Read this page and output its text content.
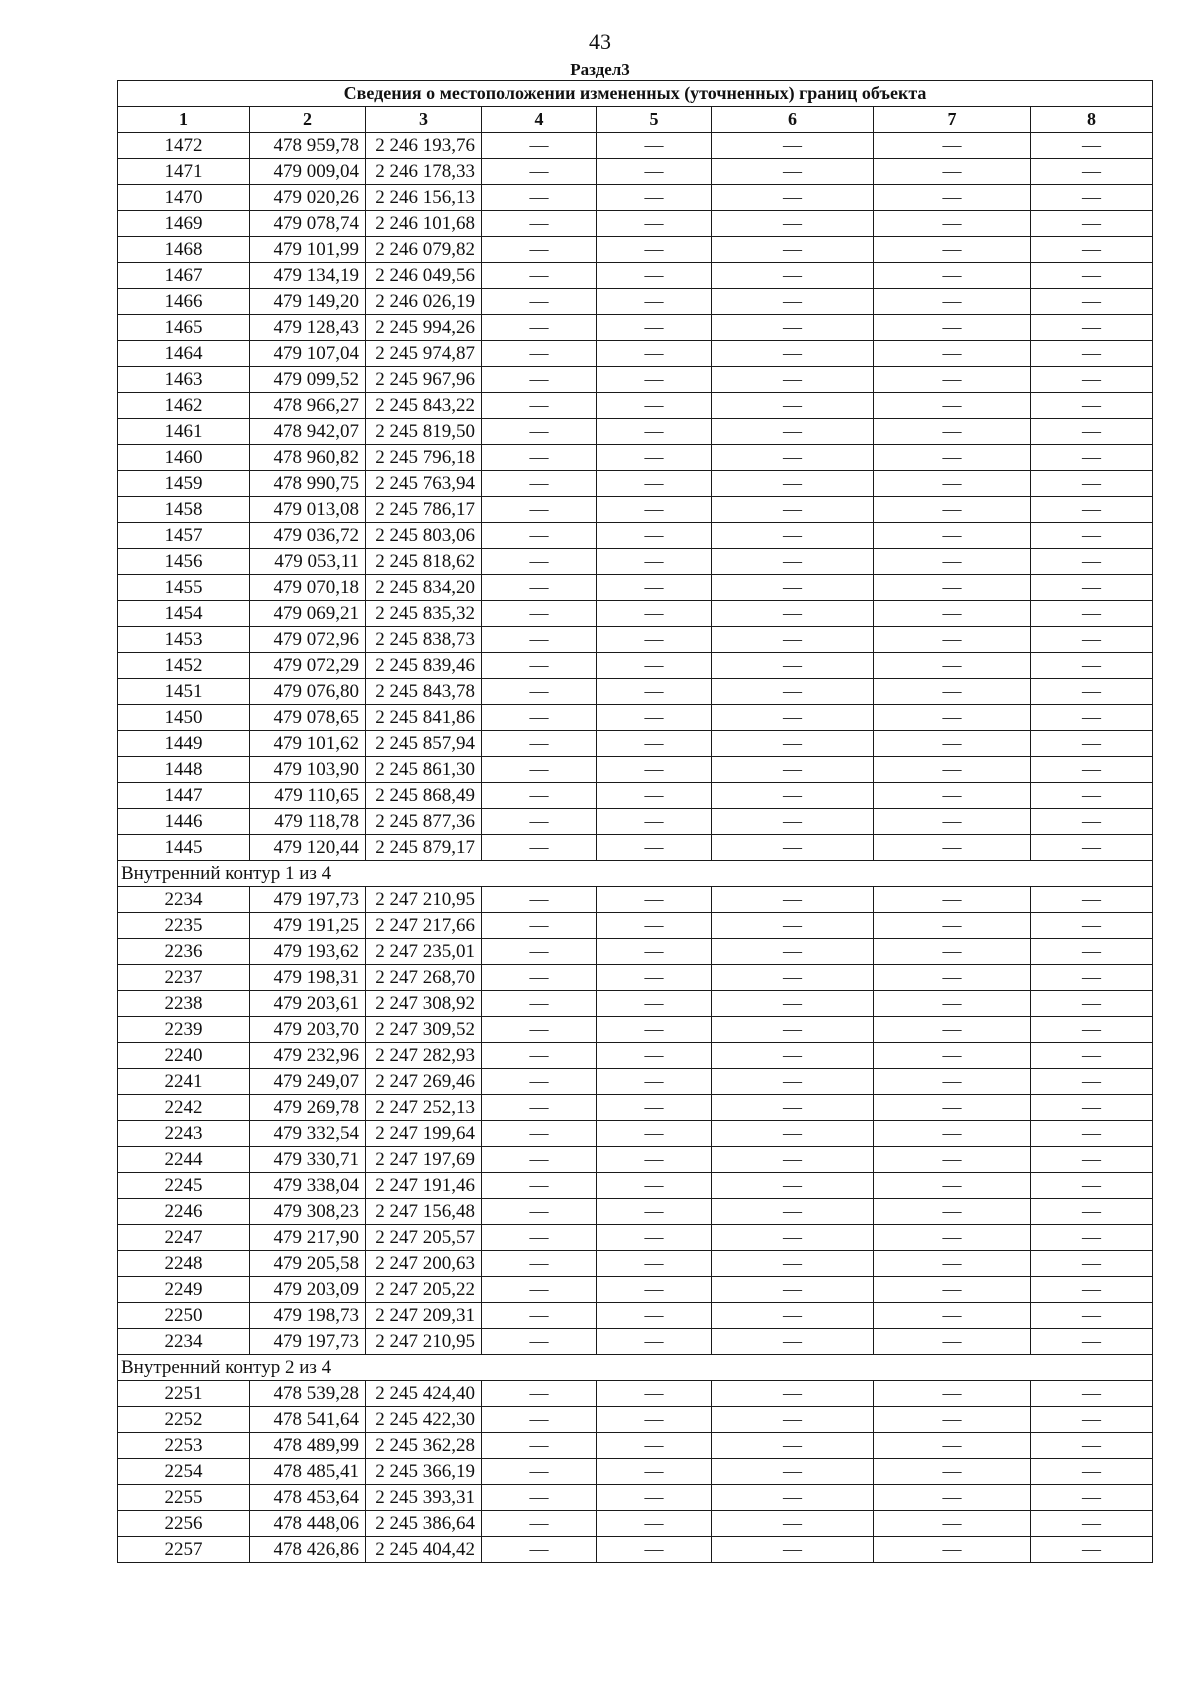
43
Раздел3
Сведения о местоположении измененных (уточненных) границ объекта							
1	2	3	4	5	6	7	8
1472	478 959,78	2 246 193,76	—	—	—	—	—
1471	479 009,04	2 246 178,33	—	—	—	—	—
1470	479 020,26	2 246 156,13	—	—	—	—	—
1469	479 078,74	2 246 101,68	—	—	—	—	—
1468	479 101,99	2 246 079,82	—	—	—	—	—
1467	479 134,19	2 246 049,56	—	—	—	—	—
1466	479 149,20	2 246 026,19	—	—	—	—	—
1465	479 128,43	2 245 994,26	—	—	—	—	—
1464	479 107,04	2 245 974,87	—	—	—	—	—
1463	479 099,52	2 245 967,96	—	—	—	—	—
1462	478 966,27	2 245 843,22	—	—	—	—	—
1461	478 942,07	2 245 819,50	—	—	—	—	—
1460	478 960,82	2 245 796,18	—	—	—	—	—
1459	478 990,75	2 245 763,94	—	—	—	—	—
1458	479 013,08	2 245 786,17	—	—	—	—	—
1457	479 036,72	2 245 803,06	—	—	—	—	—
1456	479 053,11	2 245 818,62	—	—	—	—	—
1455	479 070,18	2 245 834,20	—	—	—	—	—
1454	479 069,21	2 245 835,32	—	—	—	—	—
1453	479 072,96	2 245 838,73	—	—	—	—	—
1452	479 072,29	2 245 839,46	—	—	—	—	—
1451	479 076,80	2 245 843,78	—	—	—	—	—
1450	479 078,65	2 245 841,86	—	—	—	—	—
1449	479 101,62	2 245 857,94	—	—	—	—	—
1448	479 103,90	2 245 861,30	—	—	—	—	—
1447	479 110,65	2 245 868,49	—	—	—	—	—
1446	479 118,78	2 245 877,36	—	—	—	—	—
1445	479 120,44	2 245 879,17	—	—	—	—	—
Внутренний контур 1 из 4							
2234	479 197,73	2 247 210,95	—	—	—	—	—
2235	479 191,25	2 247 217,66	—	—	—	—	—
2236	479 193,62	2 247 235,01	—	—	—	—	—
2237	479 198,31	2 247 268,70	—	—	—	—	—
2238	479 203,61	2 247 308,92	—	—	—	—	—
2239	479 203,70	2 247 309,52	—	—	—	—	—
2240	479 232,96	2 247 282,93	—	—	—	—	—
2241	479 249,07	2 247 269,46	—	—	—	—	—
2242	479 269,78	2 247 252,13	—	—	—	—	—
2243	479 332,54	2 247 199,64	—	—	—	—	—
2244	479 330,71	2 247 197,69	—	—	—	—	—
2245	479 338,04	2 247 191,46	—	—	—	—	—
2246	479 308,23	2 247 156,48	—	—	—	—	—
2247	479 217,90	2 247 205,57	—	—	—	—	—
2248	479 205,58	2 247 200,63	—	—	—	—	—
2249	479 203,09	2 247 205,22	—	—	—	—	—
2250	479 198,73	2 247 209,31	—	—	—	—	—
2234	479 197,73	2 247 210,95	—	—	—	—	—
Внутренний контур 2 из 4							
2251	478 539,28	2 245 424,40	—	—	—	—	—
2252	478 541,64	2 245 422,30	—	—	—	—	—
2253	478 489,99	2 245 362,28	—	—	—	—	—
2254	478 485,41	2 245 366,19	—	—	—	—	—
2255	478 453,64	2 245 393,31	—	—	—	—	—
2256	478 448,06	2 245 386,64	—	—	—	—	—
2257	478 426,86	2 245 404,42	—	—	—	—	—
